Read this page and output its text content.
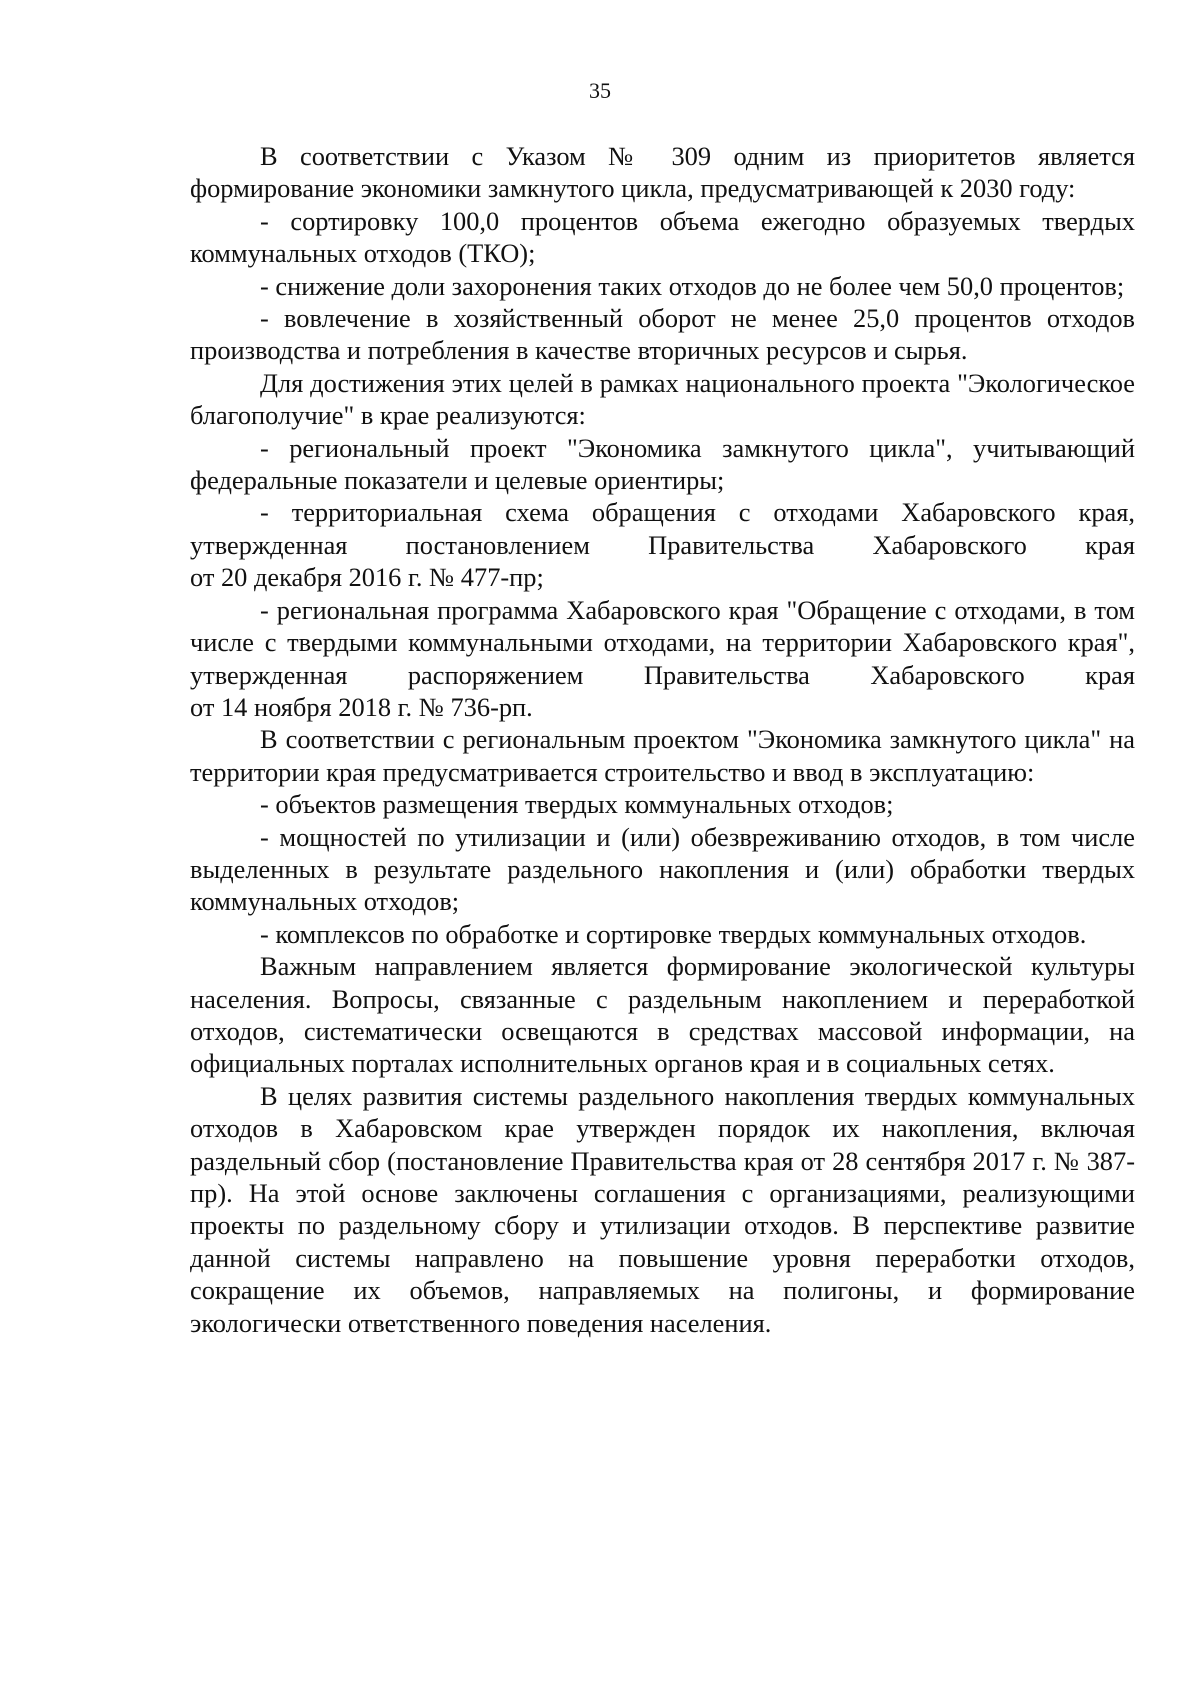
35

В соответствии с Указом № 309 одним из приоритетов является формирование экономики замкнутого цикла, предусматривающей к 2030 году:

- сортировку 100,0 процентов объема ежегодно образуемых твердых коммунальных отходов (ТКО);

- снижение доли захоронения таких отходов до не более чем 50,0 процентов;

- вовлечение в хозяйственный оборот не менее 25,0 процентов отходов производства и потребления в качестве вторичных ресурсов и сырья.

Для достижения этих целей в рамках национального проекта "Экологическое благополучие" в крае реализуются:

- региональный проект "Экономика замкнутого цикла", учитывающий федеральные показатели и целевые ориентиры;

- территориальная схема обращения с отходами Хабаровского края, утвержденная постановлением Правительства Хабаровского края

от 20 декабря 2016 г. № 477-пр;

- региональная программа Хабаровского края "Обращение с отходами, в том числе с твердыми коммунальными отходами, на территории Хабаровского края", утвержденная распоряжением Правительства Хабаровского края

от 14 ноября 2018 г. № 736-рп.

В соответствии с региональным проектом "Экономика замкнутого цикла" на территории края предусматривается строительство и ввод в эксплуатацию:

- объектов размещения твердых коммунальных отходов;

- мощностей по утилизации и (или) обезвреживанию отходов, в том числе выделенных в результате раздельного накопления и (или) обработки твердых коммунальных отходов;

- комплексов по обработке и сортировке твердых коммунальных отходов.

Важным направлением является формирование экологической культуры населения. Вопросы, связанные с раздельным накоплением и переработкой отходов, систематически освещаются в средствах массовой информации, на официальных порталах исполнительных органов края и в социальных сетях.

В целях развития системы раздельного накопления твердых коммунальных отходов в Хабаровском крае утвержден порядок их накопления, включая раздельный сбор (постановление Правительства края от 28 сентября 2017 г. № 387-пр). На этой основе заключены соглашения с организациями, реализующими проекты по раздельному сбору и утилизации отходов. В перспективе развитие данной системы направлено на повышение уровня переработки отходов, сокращение их объемов, направляемых на полигоны, и формирование экологически ответственного поведения населения.
